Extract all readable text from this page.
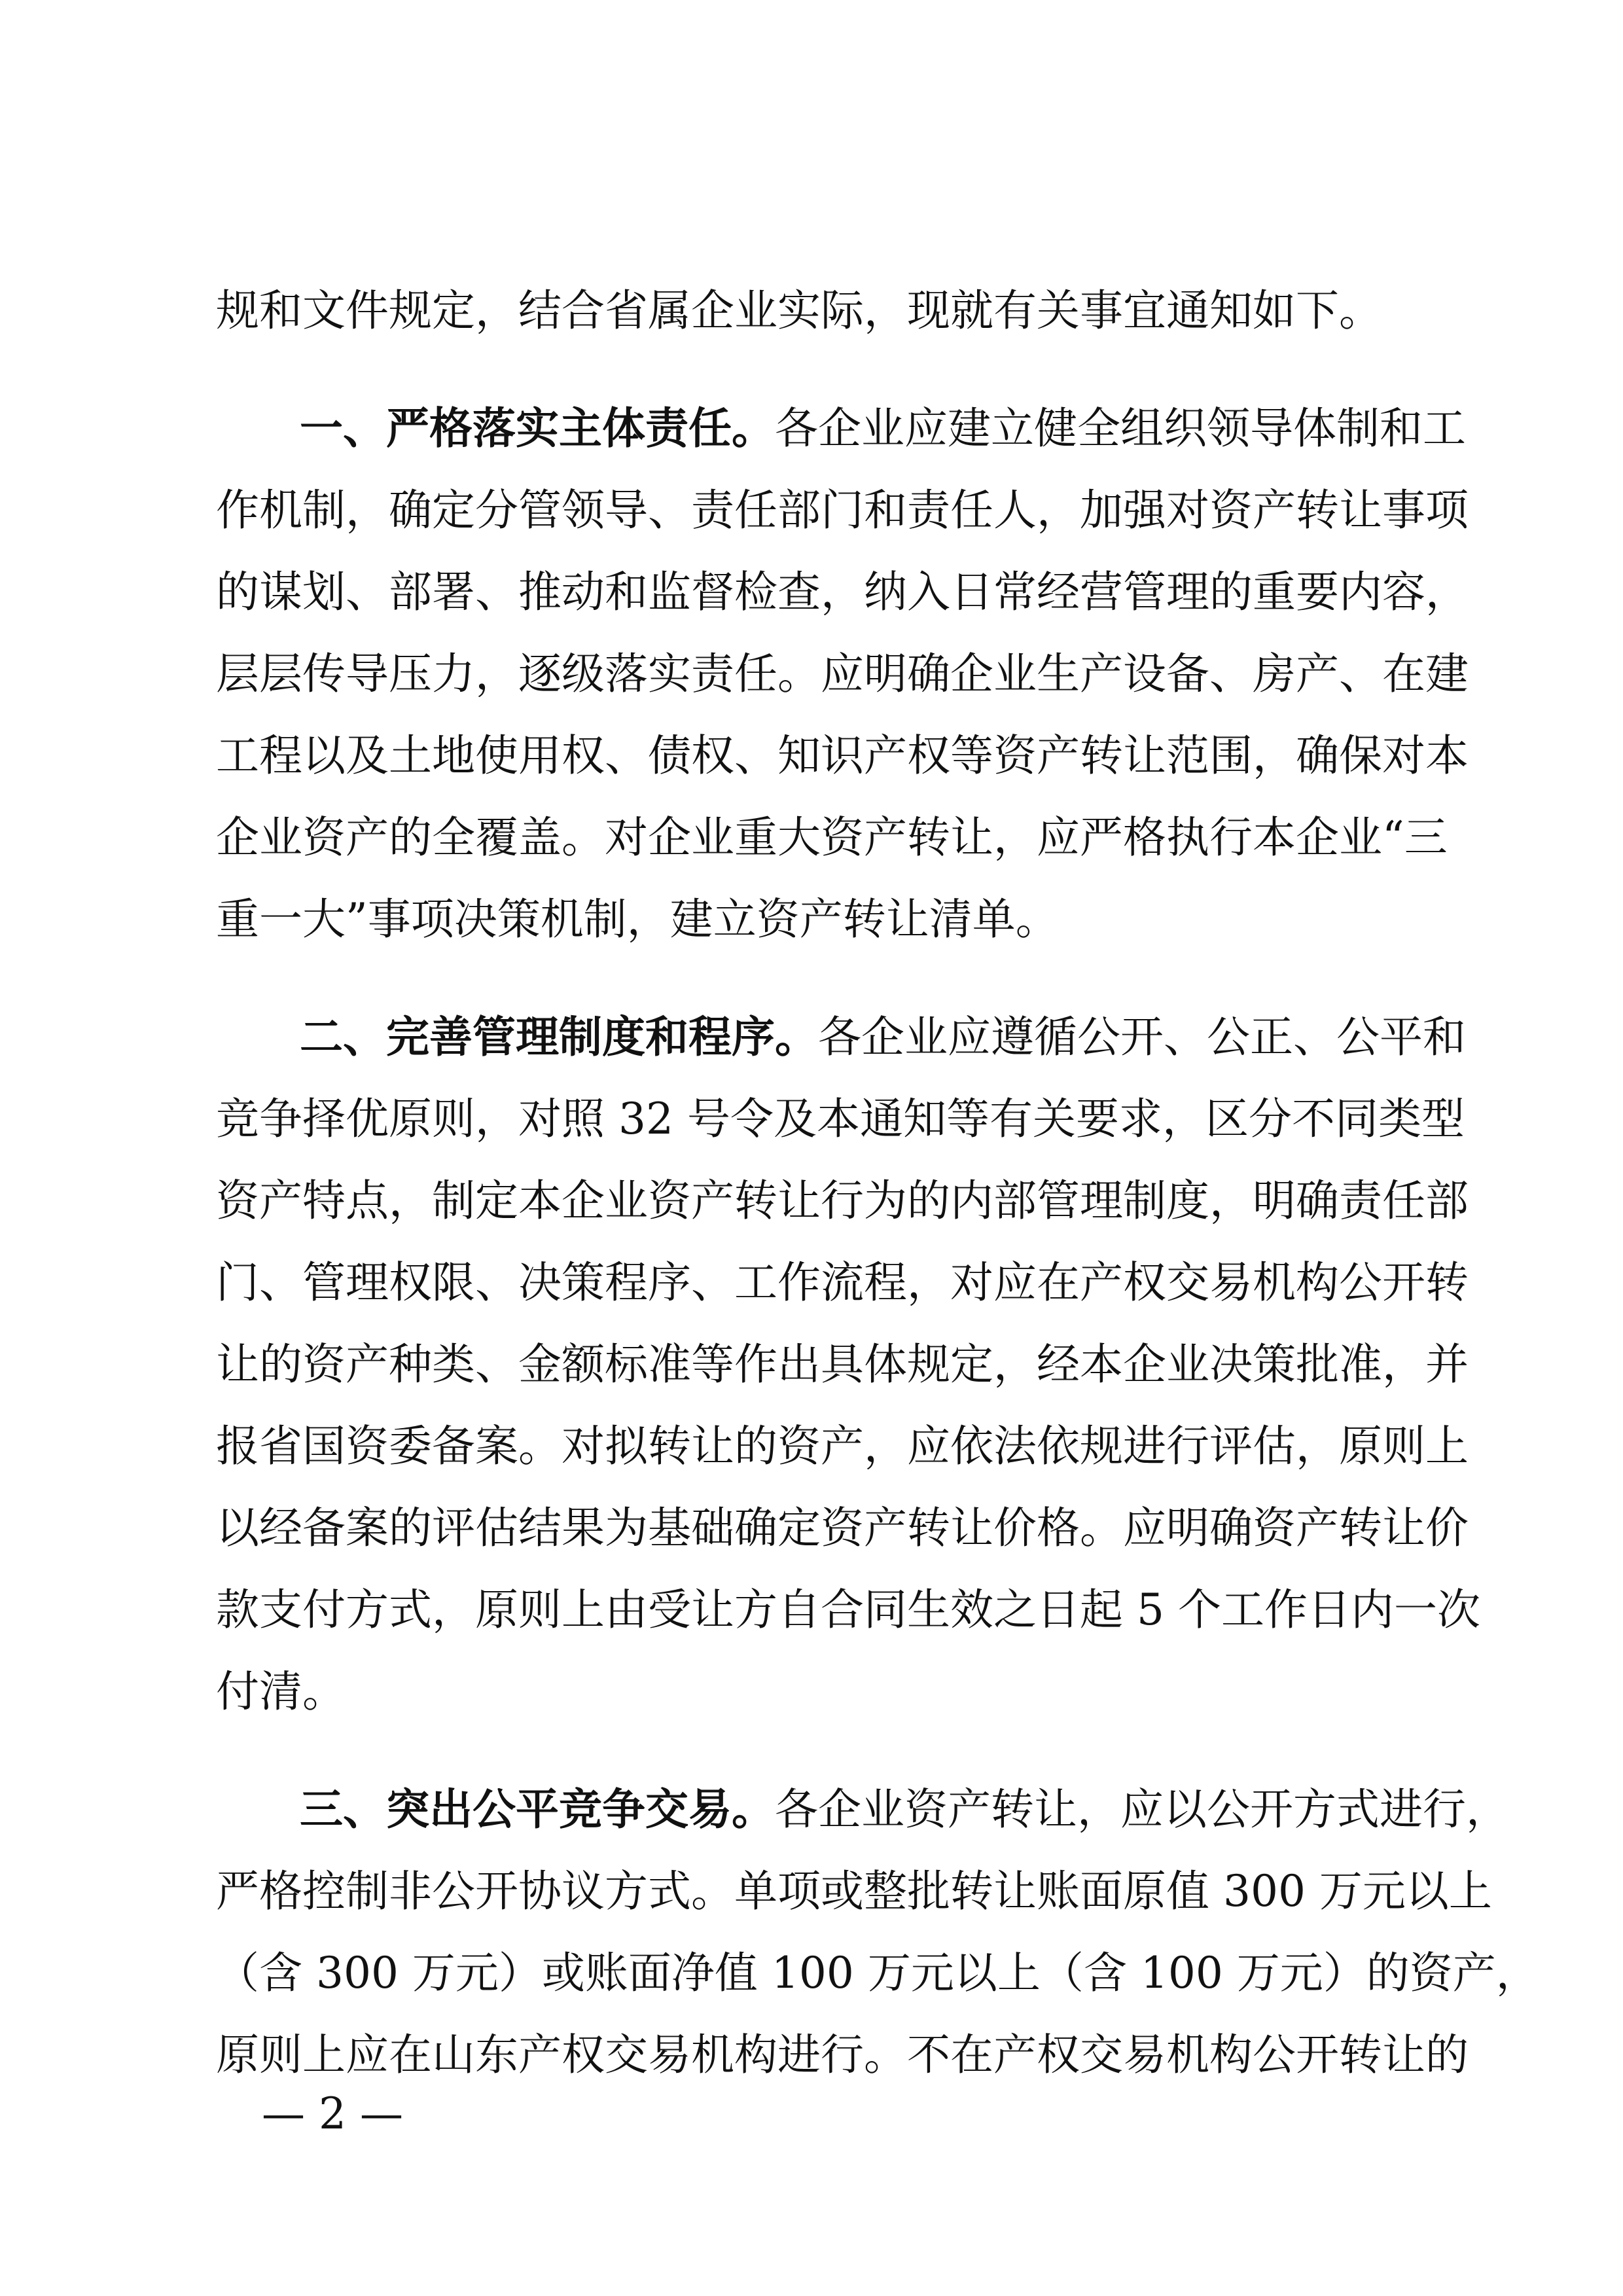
规和文件规定，结合省属企业实际，现就有关事宜通知如下。
一、严格落实主体责任。各企业应建立健全组织领导体制和工
作机制，确定分管领导、责任部门和责任人，加强对资产转让事项
的谋划、部署、推动和监督检查，纳入日常经营管理的重要内容，
层层传导压力，逐级落实责任。应明确企业生产设备、房产、在建
工程以及土地使用权、债权、知识产权等资产转让范围，确保对本
企业资产的全覆盖。对企业重大资产转让，应严格执行本企业“三
重一大”事项决策机制，建立资产转让清单。
二、完善管理制度和程序。各企业应遵循公开、公正、公平和
竞争择优原则，对照 32 号令及本通知等有关要求，区分不同类型
资产特点，制定本企业资产转让行为的内部管理制度，明确责任部
门、管理权限、决策程序、工作流程，对应在产权交易机构公开转
让的资产种类、金额标准等作出具体规定，经本企业决策批准，并
报省国资委备案。对拟转让的资产，应依法依规进行评估，原则上
以经备案的评估结果为基础确定资产转让价格。应明确资产转让价
款支付方式，原则上由受让方自合同生效之日起 5 个工作日内一次
付清。
三、突出公平竞争交易。各企业资产转让，应以公开方式进行，
严格控制非公开协议方式。单项或整批转让账面原值 300 万元以上
（含 300 万元）或账面净值 100 万元以上（含 100 万元）的资产，
原则上应在山东产权交易机构进行。不在产权交易机构公开转让的
— 2 —
